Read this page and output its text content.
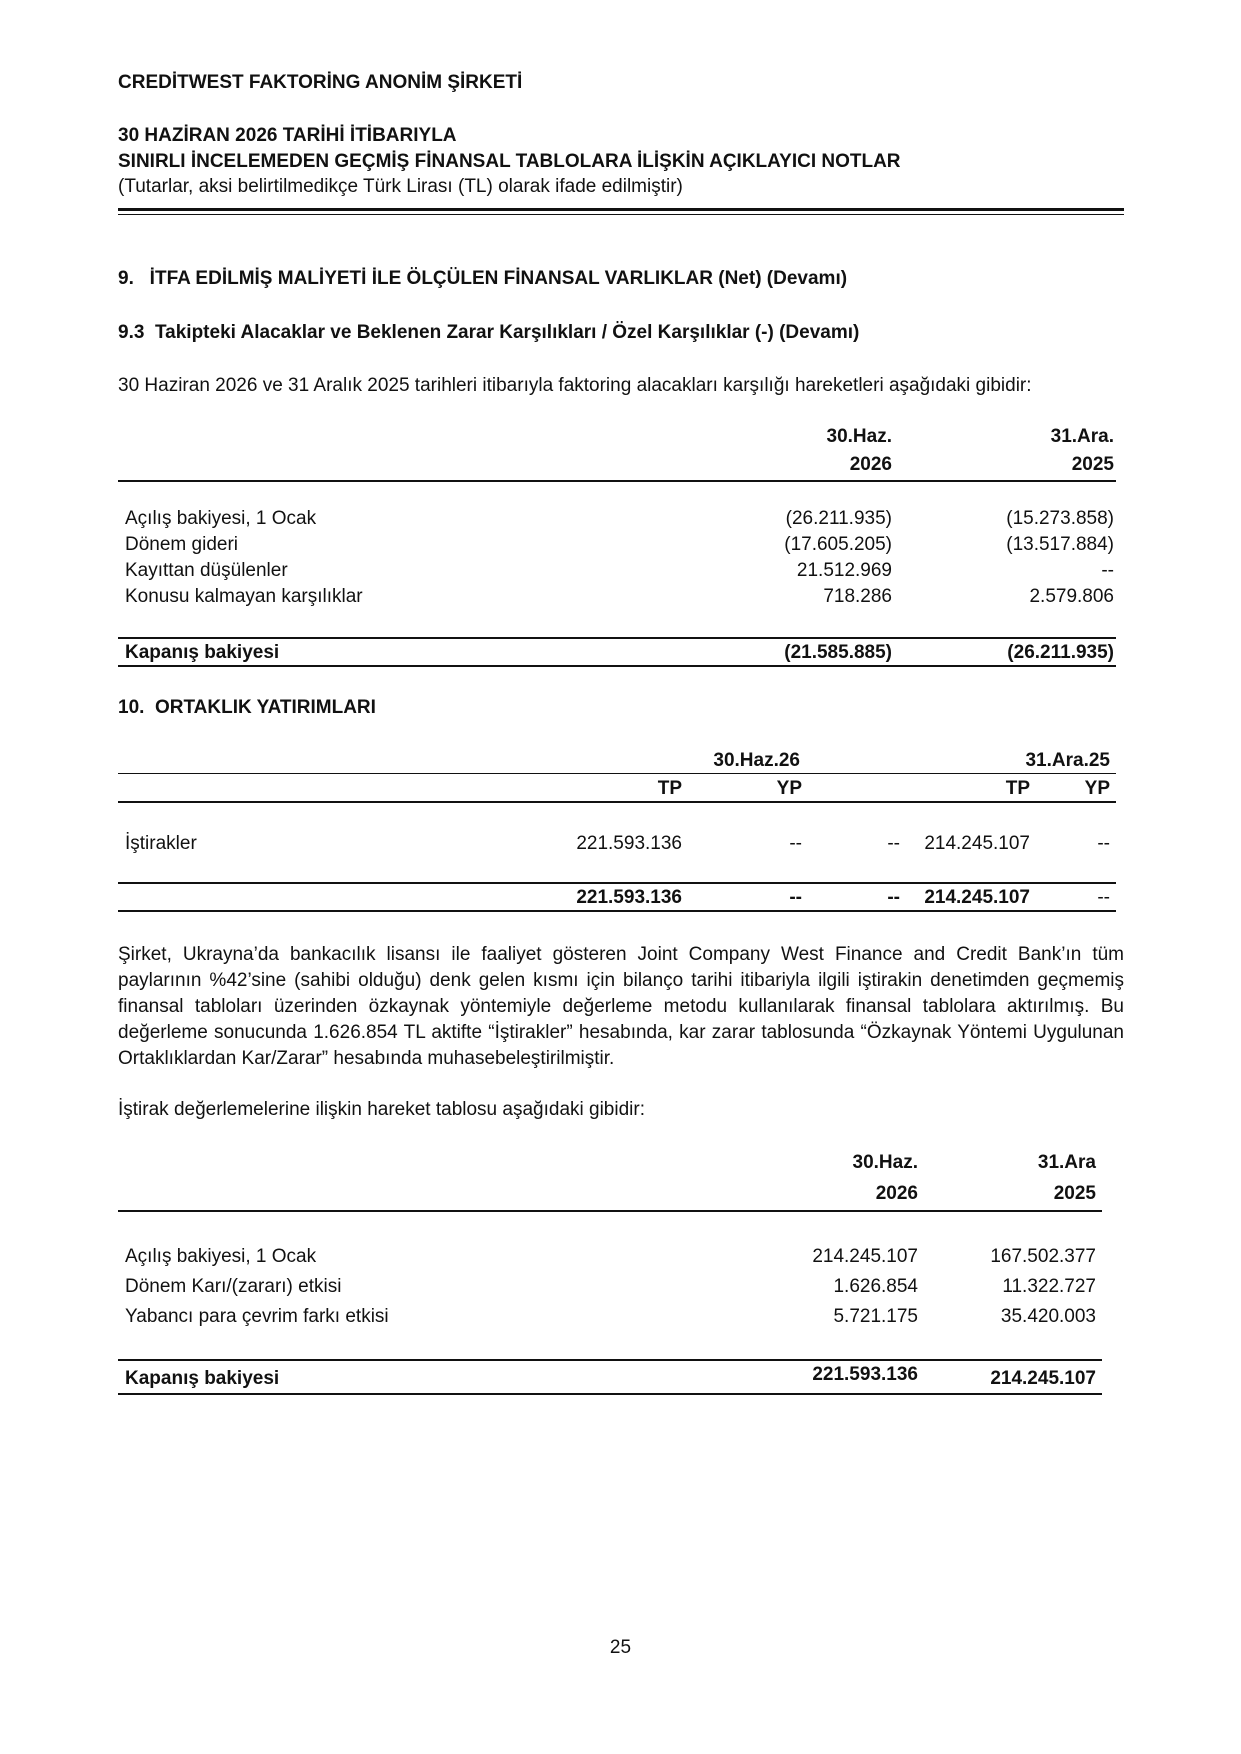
CREDİTWEST FAKTORİNG ANONİM ŞİRKETİ
30 HAZİRAN 2026 TARİHİ İTİBARIYLA
SINIRLI İNCELEMEDEN GEÇMİŞ FİNANSAL TABLOLARA İLİŞKİN AÇIKLAYICI NOTLAR
(Tutarlar, aksi belirtilmedikçe Türk Lirası (TL) olarak ifade edilmiştir)
9.   İTFA EDİLMİŞ MALİYETİ İLE ÖLÇÜLEN FİNANSAL VARLIKLAR (Net) (Devamı)
9.3  Takipteki Alacaklar ve Beklenen Zarar Karşılıkları / Özel Karşılıklar (-) (Devamı)
30 Haziran 2026 ve 31 Aralık 2025 tarihleri itibarıyla faktoring alacakları karşılığı hareketleri aşağıdaki gibidir:
30.Haz.
2026
31.Ara.
2025
Açılış bakiyesi, 1 Ocak	(26.211.935)	(15.273.858)
Dönem gideri	(17.605.205)	(13.517.884)
Kayıttan düşülenler	21.512.969	--
Konusu kalmayan karşılıklar	718.286	2.579.806
Kapanış bakiyesi	(21.585.885)	(26.211.935)
10.  ORTAKLIK YATIRIMLARI
30.Haz.26	31.Ara.25
TP	YP	TP	YP
İştirakler	221.593.136	--	--	214.245.107	--
221.593.136	--	--	214.245.107	--
Şirket, Ukrayna’da bankacılık lisansı ile faaliyet gösteren Joint Company West Finance and Credit Bank’ın tüm paylarının %42’sine (sahibi olduğu) denk gelen kısmı için bilanço tarihi itibariyla ilgili iştirakin denetimden geçmemiş finansal tabloları üzerinden özkaynak yöntemiyle değerleme metodu kullanılarak finansal tablolara aktırılmış. Bu değerleme sonucunda 1.626.854 TL aktifte “İştirakler” hesabında, kar zarar tablosunda “Özkaynak Yöntemi Uygulunan Ortaklıklardan Kar/Zarar” hesabında muhasebeleştirilmiştir.
İştirak değerlemelerine ilişkin hareket tablosu aşağıdaki gibidir:
30.Haz.
2026
31.Ara
2025
Açılış bakiyesi, 1 Ocak	214.245.107	167.502.377
Dönem Karı/(zararı) etkisi	1.626.854	11.322.727
Yabancı para çevrim farkı etkisi	5.721.175	35.420.003
Kapanış bakiyesi	221.593.136	214.245.107
25
